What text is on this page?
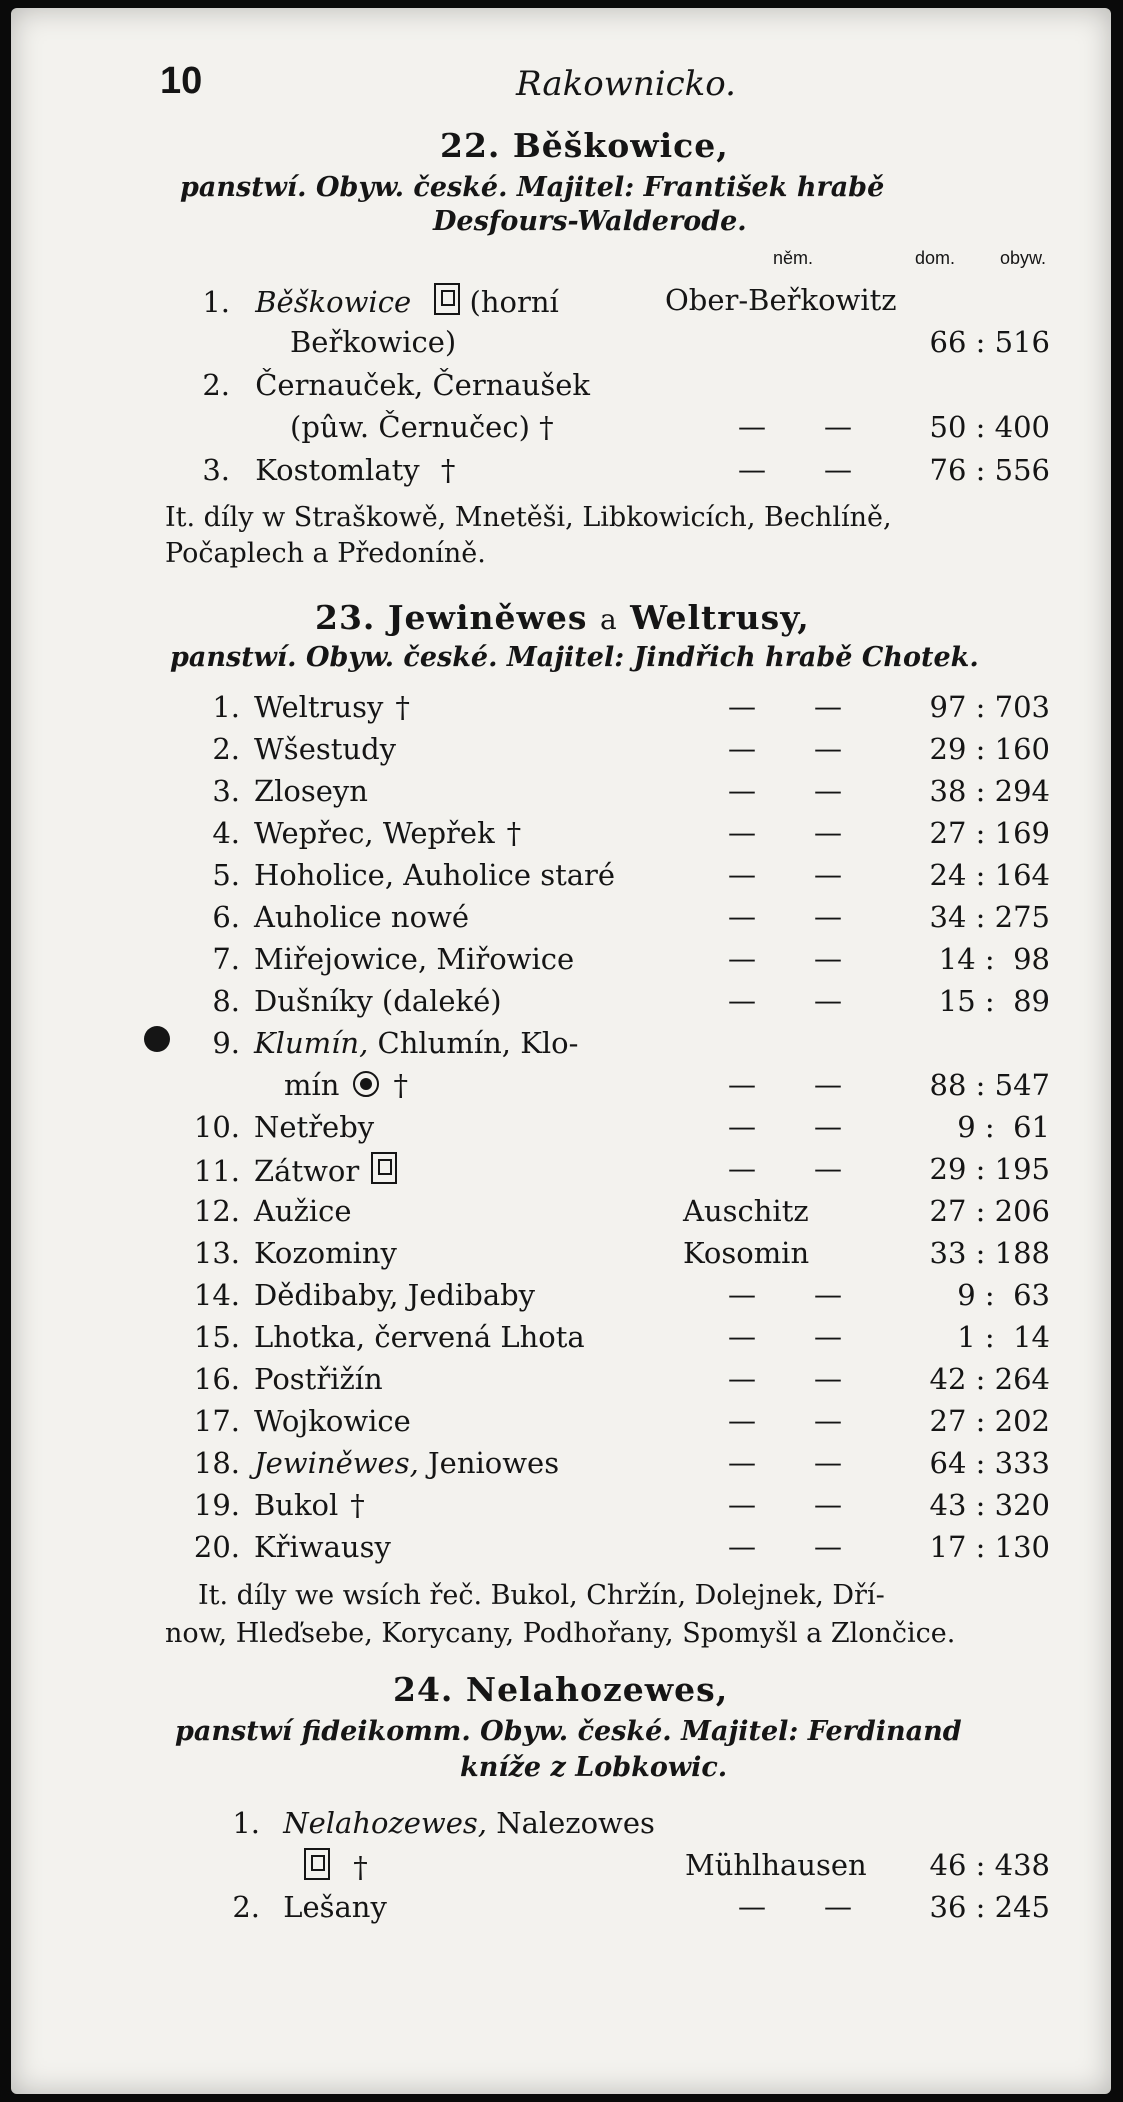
10	Rakownicko.
22. Běškowice,
panstwí. Obyw. české. Majitel: František hrabě
Desfours-Walderode.
něm.	dom. obyw.
1. Běškowice (horní	Ober-Beřkowitz
Beřkowice)	66 : 516
2. Černauček, Černaušek
(pûw. Černučec) †	— —	50 : 400
3. Kostomlaty †	— —	76 : 556
It. díly w Straškowě, Mnetěši, Libkowicích, Bechlíně,
Počaplech a Předoníně.
23. Jewiněwes a Weltrusy,
panstwí. Obyw. české. Majitel: Jindřich hrabě Chotek.
1. Weltrusy †	— —	97 : 703
2. Wšestudy	— —	29 : 160
3. Zloseyn	— —	38 : 294
4. Wepřec, Wepřek †	— —	27 : 169
5. Hoholice, Auholice staré	— —	24 : 164
6. Auholice nowé	— —	34 : 275
7. Miřejowice, Miřowice	— —	14 :  98
8. Dušníky (daleké)	— —	15 :  89
9. Klumín, Chlumín, Klo-
mín †	— —	88 : 547
10. Netřeby	— —	9 :  61
11. Zátwor	— —	29 : 195
12. Aužice	Auschitz	27 : 206
13. Kozominy	Kosomin	33 : 188
14. Dědibaby, Jedibaby	— —	9 :  63
15. Lhotka, červená Lhota	— —	1 :  14
16. Postřižín	— —	42 : 264
17. Wojkowice	— —	27 : 202
18. Jewiněwes, Jeniowes	— —	64 : 333
19. Bukol †	— —	43 : 320
20. Křiwausy	— —	17 : 130
It. díly we wsích řeč. Bukol, Chržín, Dolejnek, Dří-
now, Hleďsebe, Korycany, Podhořany, Spomyšl a Zlončice.
24. Nelahozewes,
panstwí fideikomm. Obyw. české. Majitel: Ferdinand
kníže z Lobkowic.
1. Nelahozewes, Nalezowes
†	Mühlhausen 46 : 438
2. Lešany	— —	36 : 245
